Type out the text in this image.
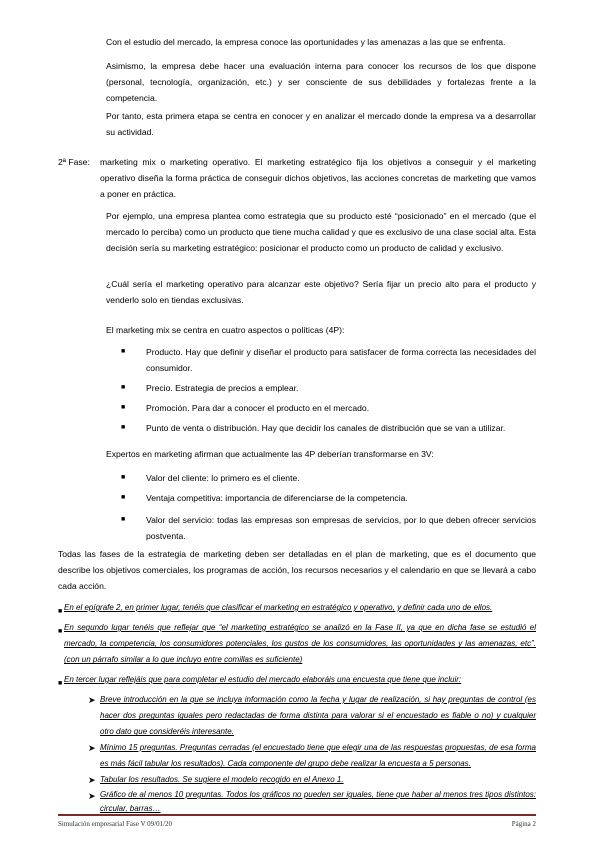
Con el estudio del mercado, la empresa conoce las oportunidades y las amenazas a las que se enfrenta.

Asimismo, la empresa debe hacer una evaluación interna para conocer los recursos de los que dispone (personal, tecnología, organización, etc.) y ser consciente de sus debilidades y fortalezas frente a la competencia.

Por tanto, esta primera etapa se centra en conocer y en analizar el mercado donde la empresa va a desarrollar su actividad.

2ª Fase: marketing mix o marketing operativo. El marketing estratégico fija los objetivos a conseguir y el marketing operativo diseña la forma práctica de conseguir dichos objetivos, las acciones concretas de marketing que vamos a poner en práctica.

Por ejemplo, una empresa plantea como estrategia que su producto esté “posicionado” en el mercado (que el mercado lo perciba) como un producto que tiene mucha calidad y que es exclusivo de una clase social alta. Esta decisión sería su marketing estratégico: posicionar el producto como un producto de calidad y exclusivo.

¿Cuál sería el marketing operativo para alcanzar este objetivo? Sería fijar un precio alto para el producto y venderlo solo en tiendas exclusivas.

El marketing mix se centra en cuatro aspectos o políticas (4P):

■ Producto. Hay que definir y diseñar el producto para satisfacer de forma correcta las necesidades del consumidor.

■ Precio. Estrategia de precios a emplear.

■ Promoción. Para dar a conocer el producto en el mercado.

■ Punto de venta o distribución. Hay que decidir los canales de distribución que se van a utilizar.

Expertos en marketing afirman que actualmente las 4P deberían transformarse en 3V:

■ Valor del cliente: lo primero es el cliente.

■ Ventaja competitiva: importancia de diferenciarse de la competencia.

■ Valor del servicio: todas las empresas son empresas de servicios, por lo que deben ofrecer servicios postventa.

Todas las fases de la estrategia de marketing deben ser detalladas en el plan de marketing, que es el documento que describe los objetivos comerciales, los programas de acción, los recursos necesarios y el calendario en que se llevará a cabo cada acción.

■ En el epígrafe 2, en primer lugar, tenéis que clasificar el marketing en estratégico y operativo, y definir cada uno de ellos.

■ En segundo lugar tenéis que reflejar que “el marketing estratégico se analizó en la Fase II, ya que en dicha fase se estudió el mercado, la competencia, los consumidores potenciales, los gustos de los consumidores, las oportunidades y las amenazas, etc”. (con un párrafo similar a lo que incluyo entre comillas es suficiente)

■ En tercer lugar reflejáis que para completar el estudio del mercado elaboráis una encuesta que tiene que incluir:

➤ Breve introducción en la que se incluya información como la fecha y lugar de realización, si hay preguntas de control (es hacer dos preguntas iguales pero redactadas de forma distinta para valorar si el encuestado es fiable o no) y cualquier otro dato que consideréis interesante.

➤ Mínimo 15 preguntas. Preguntas cerradas (el encuestado tiene que elegir una de las respuestas propuestas, de esa forma es más fácil tabular los resultados). Cada componente del grupo debe realizar la encuesta a 5 personas.

➤ Tabular los resultados. Se sugiere el modelo recogido en el Anexo 1.

➤ Gráfico de al menos 10 preguntas. Todos los gráficos no pueden ser iguales, tiene que haber al menos tres tipos distintos: circular, barras…

Simulación empresarial Fase V 09/01/20	Página 2
